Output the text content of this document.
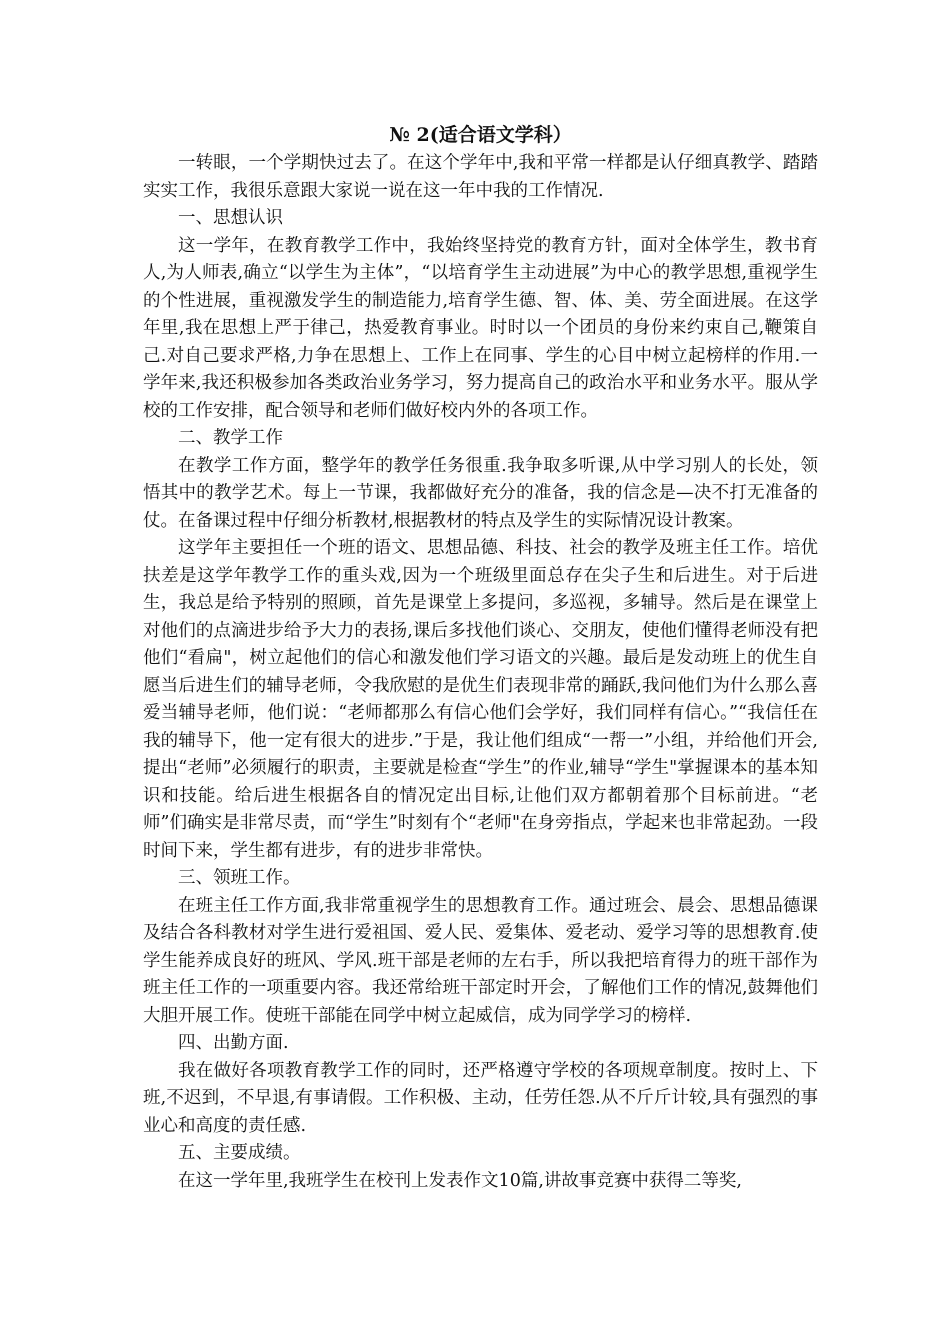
№ 2(适合语文学科）

一转眼，一个学期快过去了。在这个学年中,我和平常一样都是认仔细真教学、踏踏实实工作，我很乐意跟大家说一说在这一年中我的工作情况.

一、思想认识

这一学年，在教育教学工作中，我始终坚持党的教育方针，面对全体学生，教书育人,为人师表,确立“以学生为主体”，“以培育学生主动进展”为中心的教学思想,重视学生的个性进展，重视激发学生的制造能力,培育学生德、智、体、美、劳全面进展。在这学年里,我在思想上严于律己，热爱教育事业。时时以一个团员的身份来约束自己,鞭策自己.对自己要求严格,力争在思想上、工作上在同事、学生的心目中树立起榜样的作用.一学年来,我还积极参加各类政治业务学习，努力提高自己的政治水平和业务水平。服从学校的工作安排，配合领导和老师们做好校内外的各项工作。

二、教学工作

在教学工作方面，整学年的教学任务很重.我争取多听课,从中学习别人的长处，领悟其中的教学艺术。每上一节课，我都做好充分的准备，我的信念是—决不打无准备的仗。在备课过程中仔细分析教材,根据教材的特点及学生的实际情况设计教案。

这学年主要担任一个班的语文、思想品德、科技、社会的教学及班主任工作。培优扶差是这学年教学工作的重头戏,因为一个班级里面总存在尖子生和后进生。对于后进生，我总是给予特别的照顾，首先是课堂上多提问，多巡视，多辅导。然后是在课堂上对他们的点滴进步给予大力的表扬,课后多找他们谈心、交朋友，使他们懂得老师没有把他们“看扁"，树立起他们的信心和激发他们学习语文的兴趣。最后是发动班上的优生自愿当后进生们的辅导老师，令我欣慰的是优生们表现非常的踊跃,我问他们为什么那么喜爱当辅导老师，他们说：“老师都那么有信心他们会学好，我们同样有信心。”“我信任在我的辅导下，他一定有很大的进步.”于是，我让他们组成“一帮一”小组，并给他们开会,提出“老师”必须履行的职责，主要就是检查“学生”的作业,辅导“学生"掌握课本的基本知识和技能。给后进生根据各自的情况定出目标,让他们双方都朝着那个目标前进。“老师”们确实是非常尽责，而“学生”时刻有个“老师"在身旁指点，学起来也非常起劲。一段时间下来，学生都有进步，有的进步非常快。

三、领班工作。

在班主任工作方面,我非常重视学生的思想教育工作。通过班会、晨会、思想品德课及结合各科教材对学生进行爱祖国、爱人民、爱集体、爱老动、爱学习等的思想教育.使学生能养成良好的班风、学风.班干部是老师的左右手，所以我把培育得力的班干部作为班主任工作的一项重要内容。我还常给班干部定时开会，了解他们工作的情况,鼓舞他们大胆开展工作。使班干部能在同学中树立起威信，成为同学学习的榜样.

四、出勤方面.

我在做好各项教育教学工作的同时，还严格遵守学校的各项规章制度。按时上、下班,不迟到，不早退,有事请假。工作积极、主动，任劳任怨.从不斤斤计较,具有强烈的事业心和高度的责任感.

五、主要成绩。

在这一学年里,我班学生在校刊上发表作文10篇,讲故事竞赛中获得二等奖,
